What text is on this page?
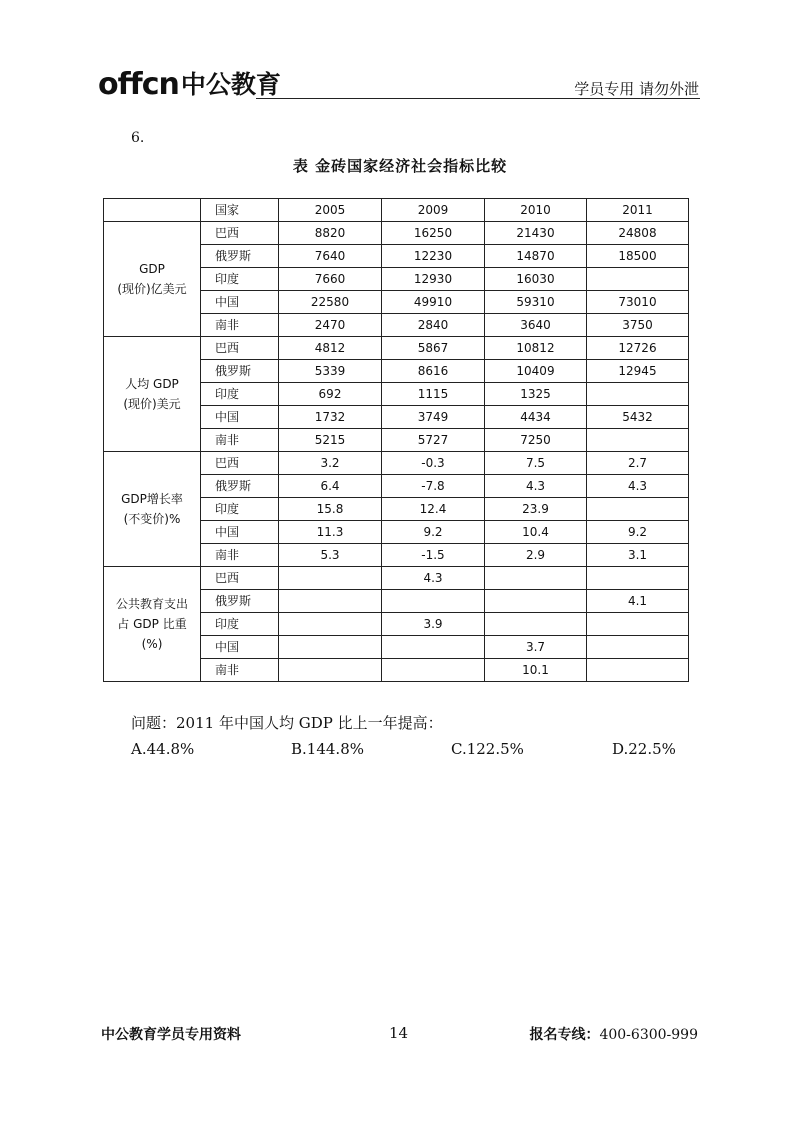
offcn 中公教育	学员专用 请勿外泄
6.
表 金砖国家经济社会指标比较
	国家	2005	2009	2010	2011

GDP
(现价)亿美元	巴西	8820	16250	21430	24808
	俄罗斯	7640	12230	14870	18500
	印度	7660	12930	16030	
	中国	22580	49910	59310	73010
	南非	2470	2840	3640	3750

人均 GDP
(现价)美元	巴西	4812	5867	10812	12726
	俄罗斯	5339	8616	10409	12945
	印度	692	1115	1325	
	中国	1732	3749	4434	5432
	南非	5215	5727	7250	

GDP增长率
(不变价)%	巴西	3.2	-0.3	7.5	2.7
	俄罗斯	6.4	-7.8	4.3	4.3
	印度	15.8	12.4	23.9	
	中国	11.3	9.2	10.4	9.2
	南非	5.3	-1.5	2.9	3.1

公共教育支出
占 GDP 比重(%)	巴西		4.3		
	俄罗斯				4.1
	印度		3.9		
	中国			3.7	
	南非			10.1	
问题：2011 年中国人均 GDP 比上一年提高：
A.44.8%	B.144.8%	C.122.5%	D.22.5%
中公教育学员专用资料	14	报名专线：400-6300-999
